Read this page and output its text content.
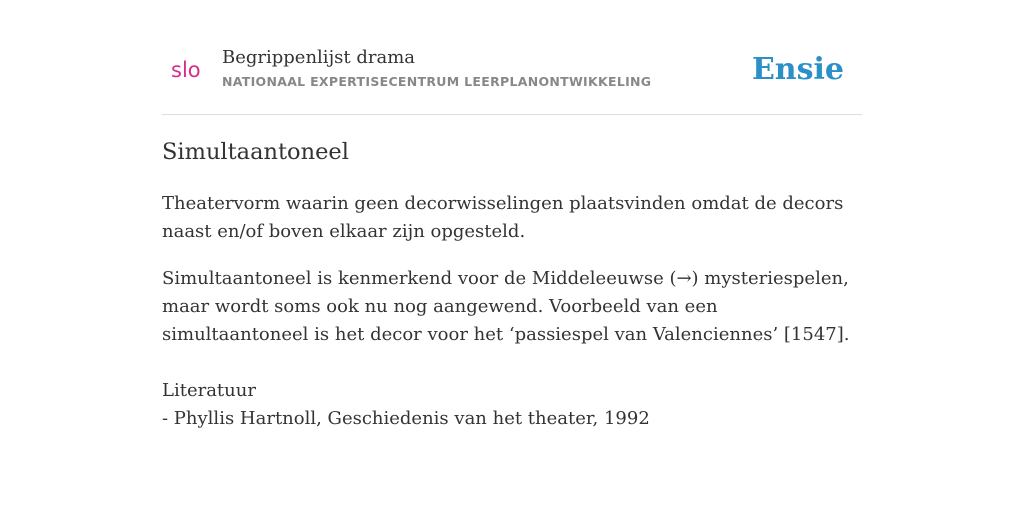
slo
Begrippenlijst drama
NATIONAAL EXPERTISECENTRUM LEERPLANONTWIKKELING	Ensie
Simultaantoneel

Theatervorm waarin geen decorwisselingen plaatsvinden omdat de decors naast en/of boven elkaar zijn opgesteld.

Simultaantoneel is kenmerkend voor de Middeleeuwse (→) mysteriespelen, maar wordt soms ook nu nog aangewend. Voorbeeld van een simultaantoneel is het decor voor het ‘passiespel van Valenciennes’ [1547].

Literatuur
- Phyllis Hartnoll, Geschiedenis van het theater, 1992
